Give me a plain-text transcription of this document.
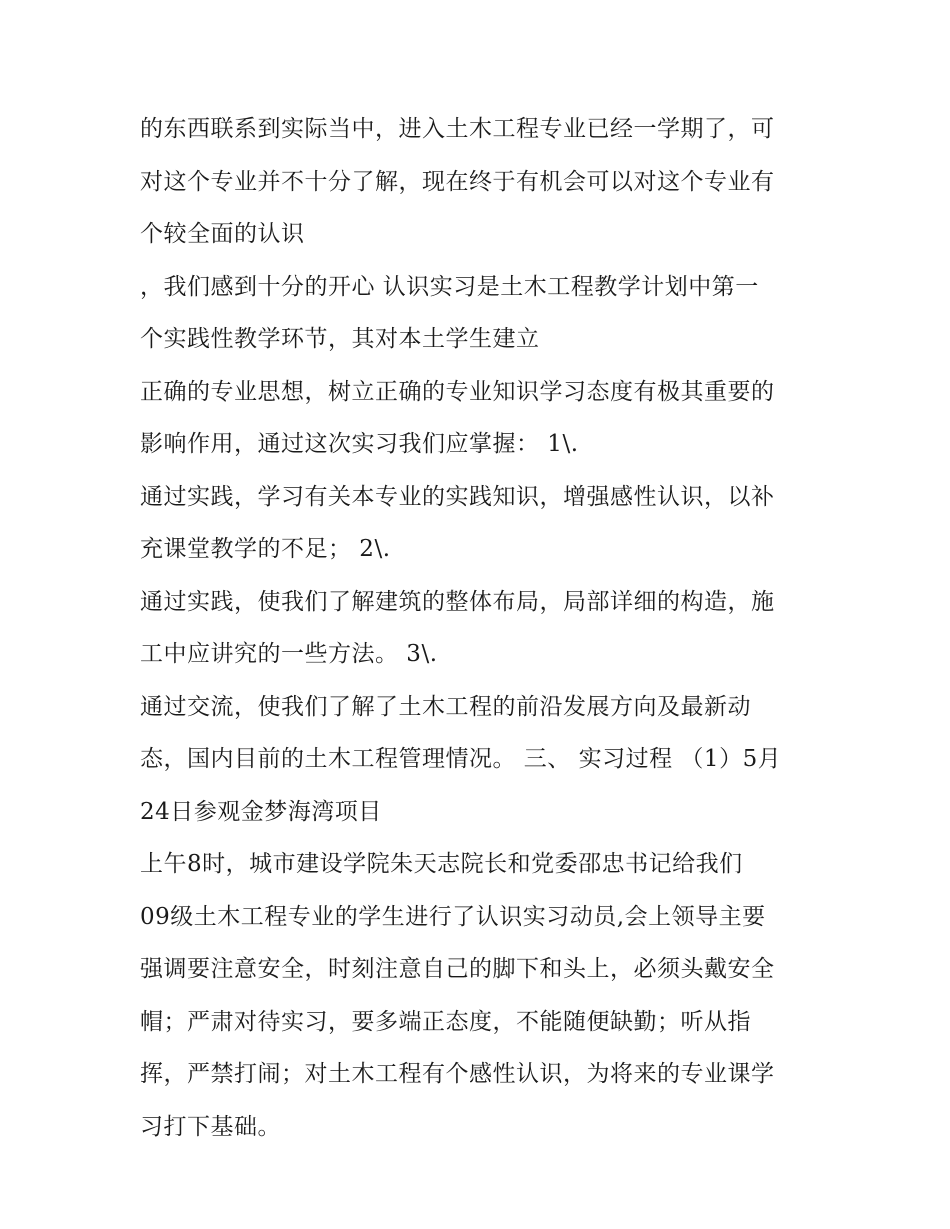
的东西联系到实际当中，进入土木工程专业已经一学期了，可
对这个专业并不十分了解，现在终于有机会可以对这个专业有
个较全面的认识
，我们感到十分的开心 认识实习是土木工程教学计划中第一
个实践性教学环节，其对本土学生建立
正确的专业思想，树立正确的专业知识学习态度有极其重要的
影响作用，通过这次实习我们应掌握： 1\.
通过实践，学习有关本专业的实践知识，增强感性认识，以补
充课堂教学的不足； 2\.
通过实践，使我们了解建筑的整体布局，局部详细的构造，施
工中应讲究的一些方法。 3\.
通过交流，使我们了解了土木工程的前沿发展方向及最新动
态，国内目前的土木工程管理情况。 三、 实习过程 （1）5月
24日参观金梦海湾项目
上午8时，城市建设学院朱天志院长和党委邵忠书记给我们
09级土木工程专业的学生进行了认识实习动员,会上领导主要
强调要注意安全，时刻注意自己的脚下和头上，必须头戴安全
帽；严肃对待实习，要多端正态度，不能随便缺勤；听从指
挥，严禁打闹；对土木工程有个感性认识，为将来的专业课学
习打下基础。
